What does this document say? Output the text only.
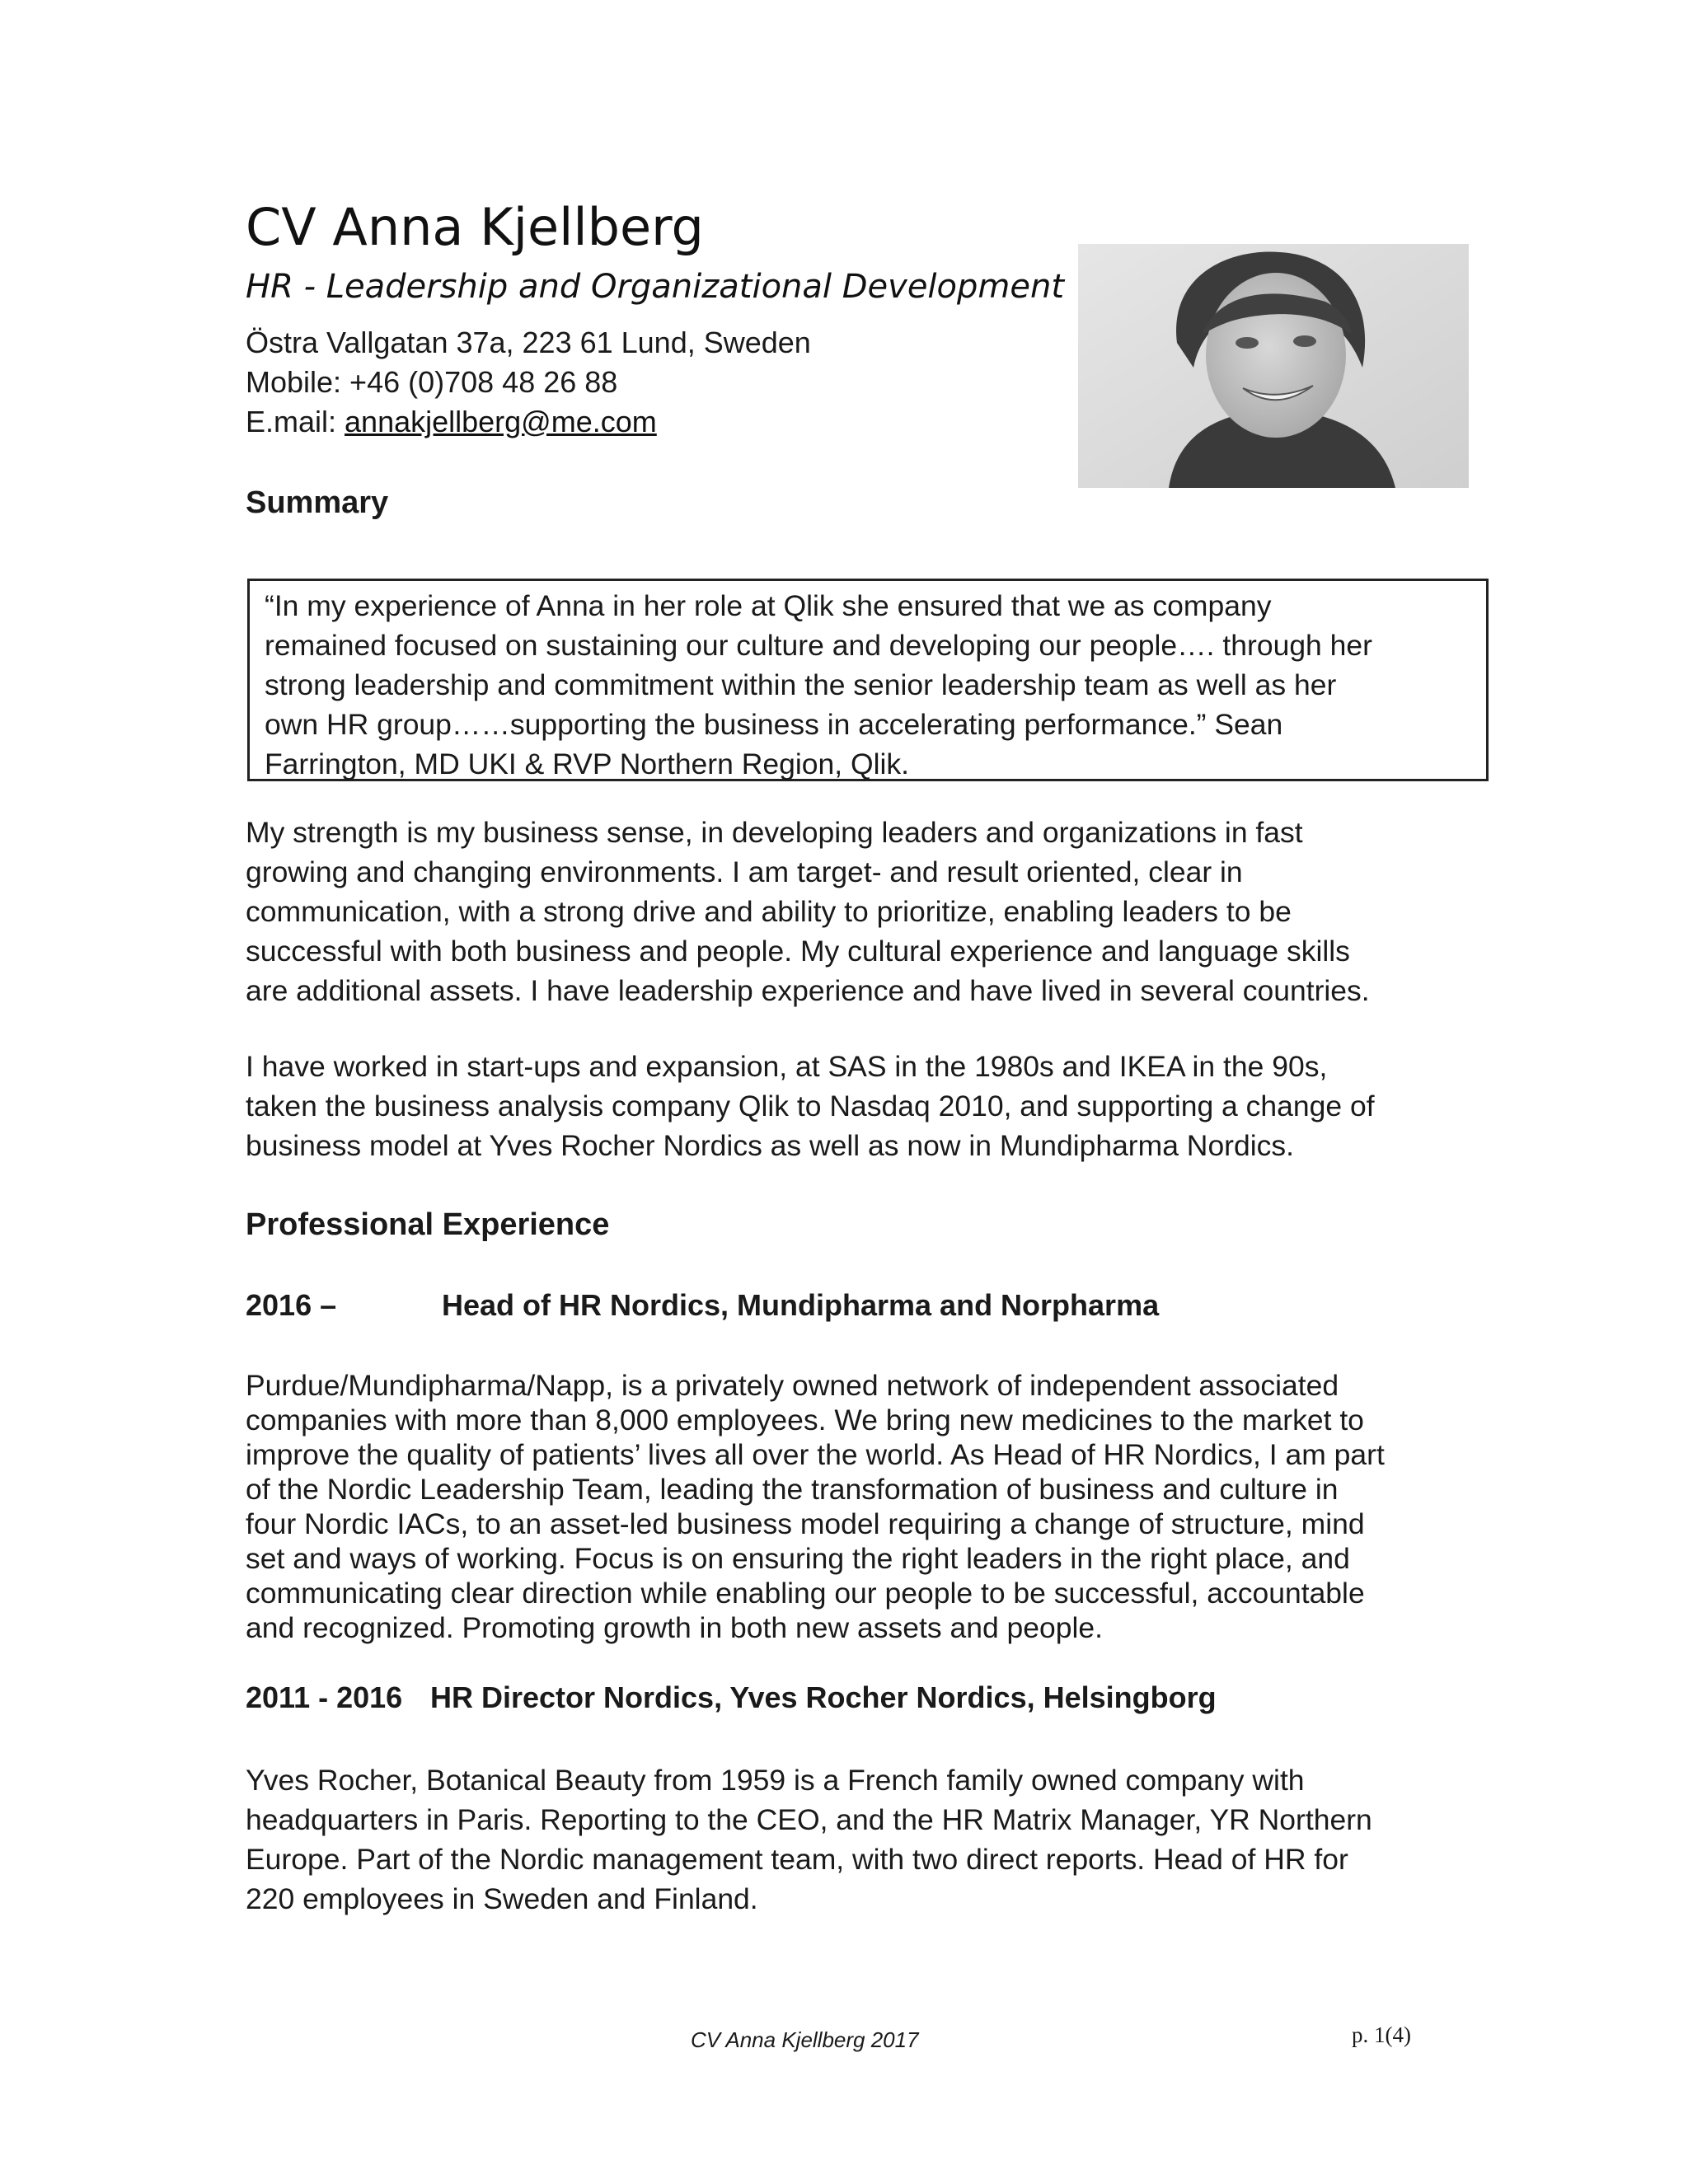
CV Anna Kjellberg
HR - Leadership and Organizational Development
Östra Vallgatan 37a, 223 61 Lund, Sweden
Mobile: +46 (0)708 48 26 88
E.mail: annakjellberg@me.com
Summary
“In my experience of Anna in her role at Qlik she ensured that we as company
remained focused on sustaining our culture and developing our people…. through her
strong leadership and commitment within the senior leadership team as well as her
own HR group……supporting the business in accelerating performance.” Sean
Farrington, MD UKI & RVP Northern Region, Qlik.
My strength is my business sense, in developing leaders and organizations in fast
growing and changing environments. I am target- and result oriented, clear in
communication, with a strong drive and ability to prioritize, enabling leaders to be
successful with both business and people. My cultural experience and language skills
are additional assets. I have leadership experience and have lived in several countries.
I have worked in start-ups and expansion, at SAS in the 1980s and IKEA in the 90s,
taken the business analysis company Qlik to Nasdaq 2010, and supporting a change of
business model at Yves Rocher Nordics as well as now in Mundipharma Nordics.
Professional Experience
2016 –	Head of HR Nordics, Mundipharma and Norpharma
Purdue/Mundipharma/Napp, is a privately owned network of independent associated
companies with more than 8,000 employees. We bring new medicines to the market to
improve the quality of patients’ lives all over the world. As Head of HR Nordics, I am part
of the Nordic Leadership Team, leading the transformation of business and culture in
four Nordic IACs, to an asset-led business model requiring a change of structure, mind
set and ways of working. Focus is on ensuring the right leaders in the right place, and
communicating clear direction while enabling our people to be successful, accountable
and recognized. Promoting growth in both new assets and people.
2011 - 2016 HR Director Nordics, Yves Rocher Nordics, Helsingborg
Yves Rocher, Botanical Beauty from 1959 is a French family owned company with
headquarters in Paris. Reporting to the CEO, and the HR Matrix Manager, YR Northern
Europe. Part of the Nordic management team, with two direct reports. Head of HR for
220 employees in Sweden and Finland.
CV Anna Kjellberg 2017	p. 1(4)
